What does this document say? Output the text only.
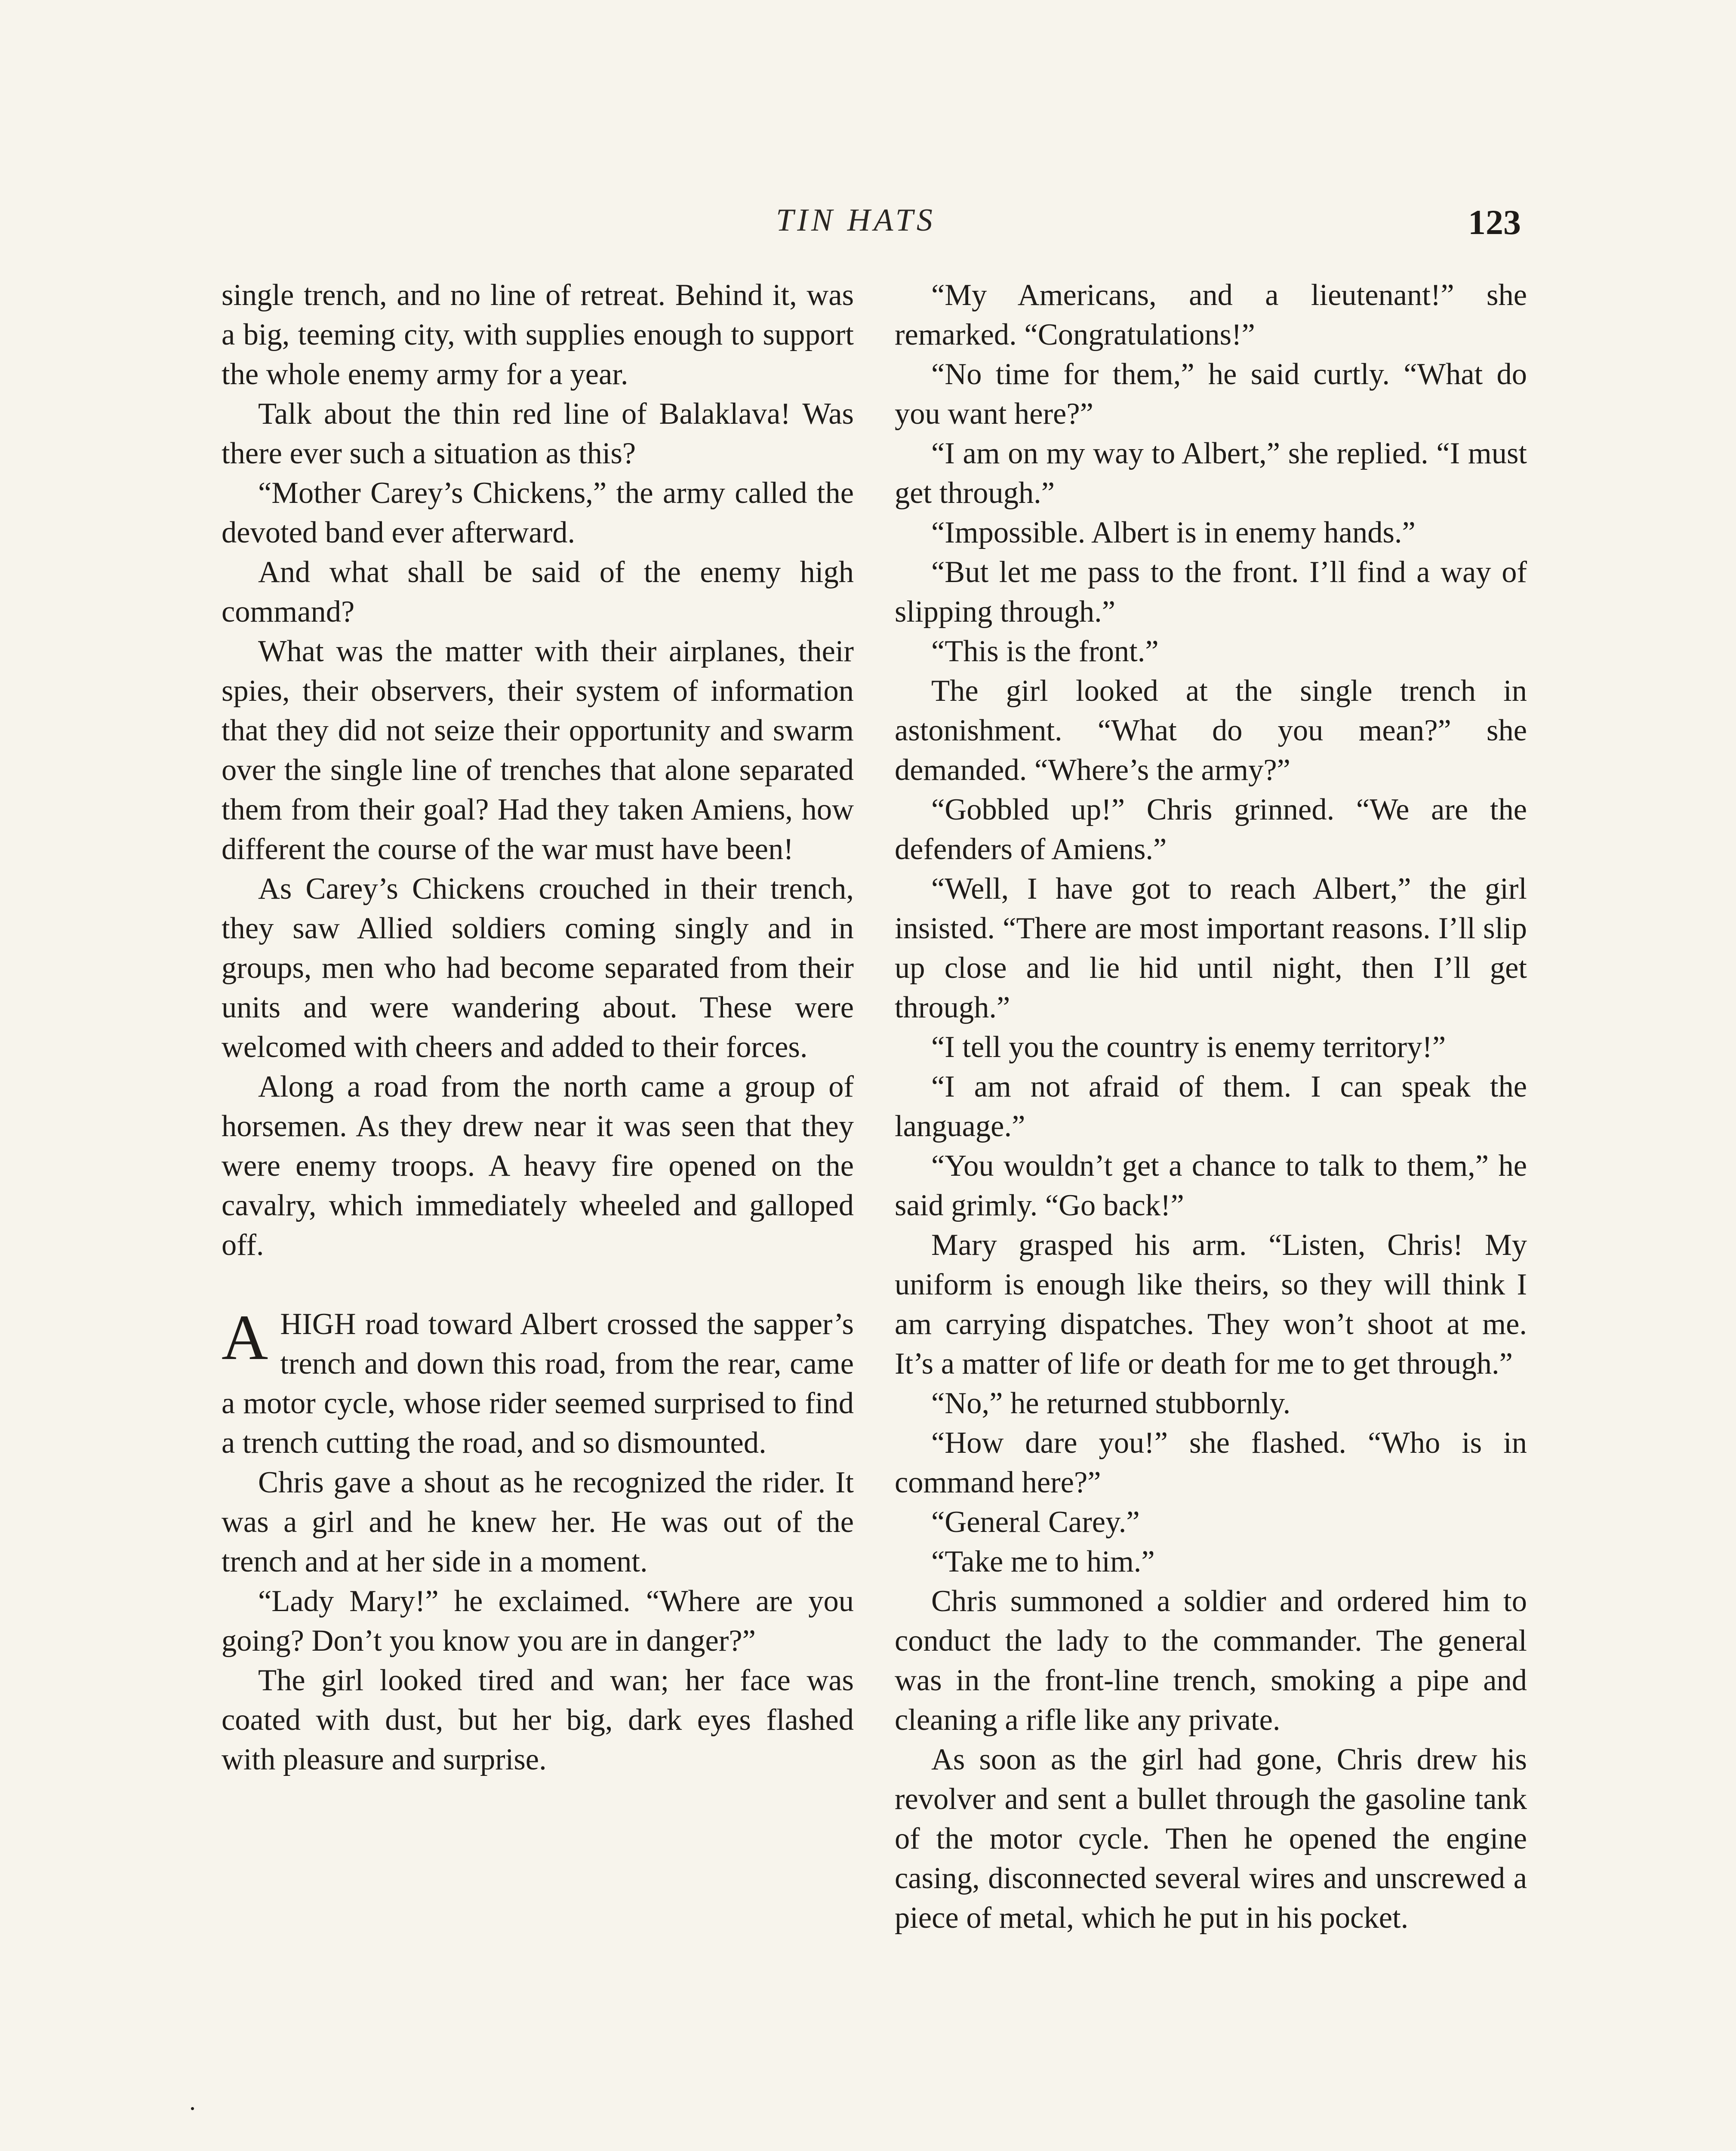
TIN HATS	123

single trench, and no line of retreat. Behind it, was a big, teeming city, with supplies enough to support the whole enemy army for a year.

Talk about the thin red line of Balaklava! Was there ever such a situation as this?

“Mother Carey’s Chickens,” the army called the devoted band ever afterward.

And what shall be said of the enemy high command?

What was the matter with their airplanes, their spies, their observers, their system of information that they did not seize their opportunity and swarm over the single line of trenches that alone separated them from their goal? Had they taken Amiens, how different the course of the war must have been!

As Carey’s Chickens crouched in their trench, they saw Allied soldiers coming singly and in groups, men who had become separated from their units and were wandering about. These were welcomed with cheers and added to their forces.

Along a road from the north came a group of horsemen. As they drew near it was seen that they were enemy troops. A heavy fire opened on the cavalry, which immediately wheeled and galloped off.

AHIGH road toward Albert crossed the sapper’s trench and down this road, from the rear, came a motor cycle, whose rider seemed surprised to find a trench cutting the road, and so dismounted.

Chris gave a shout as he recognized the rider. It was a girl and he knew her. He was out of the trench and at her side in a moment.

“Lady Mary!” he exclaimed. “Where are you going? Don’t you know you are in danger?”

The girl looked tired and wan; her face was coated with dust, but her big, dark eyes flashed with pleasure and surprise.

“My Americans, and a lieutenant!” she remarked. “Congratulations!”

“No time for them,” he said curtly. “What do you want here?”

“I am on my way to Albert,” she replied. “I must get through.”

“Impossible. Albert is in enemy hands.”

“But let me pass to the front. I’ll find a way of slipping through.”

“This is the front.”

The girl looked at the single trench in astonishment. “What do you mean?” she demanded. “Where’s the army?”

“Gobbled up!” Chris grinned. “We are the defenders of Amiens.”

“Well, I have got to reach Albert,” the girl insisted. “There are most important reasons. I’ll slip up close and lie hid until night, then I’ll get through.”

“I tell you the country is enemy territory!”

“I am not afraid of them. I can speak the language.”

“You wouldn’t get a chance to talk to them,” he said grimly. “Go back!”

Mary grasped his arm. “Listen, Chris! My uniform is enough like theirs, so they will think I am carrying dispatches. They won’t shoot at me. It’s a matter of life or death for me to get through.”

“No,” he returned stubbornly.

“How dare you!” she flashed. “Who is in command here?”

“General Carey.”

“Take me to him.”

Chris summoned a soldier and ordered him to conduct the lady to the commander. The general was in the front-line trench, smoking a pipe and cleaning a rifle like any private.

As soon as the girl had gone, Chris drew his revolver and sent a bullet through the gasoline tank of the motor cycle. Then he opened the engine casing, disconnected several wires and unscrewed a piece of metal, which he put in his pocket.

.
